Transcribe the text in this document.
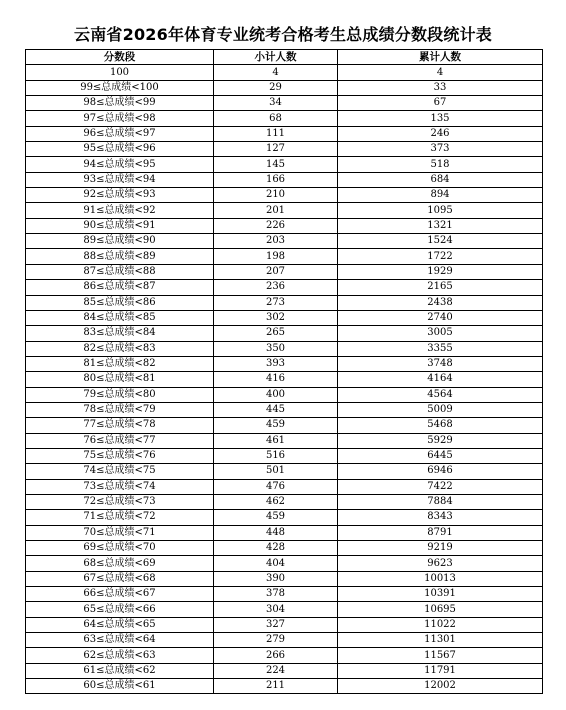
云南省2026年体育专业统考合格考生总成绩分数段统计表
分数段	小计人数	累计人数
100	4	4
99≤总成绩<100	29	33
98≤总成绩<99	34	67
97≤总成绩<98	68	135
96≤总成绩<97	111	246
95≤总成绩<96	127	373
94≤总成绩<95	145	518
93≤总成绩<94	166	684
92≤总成绩<93	210	894
91≤总成绩<92	201	1095
90≤总成绩<91	226	1321
89≤总成绩<90	203	1524
88≤总成绩<89	198	1722
87≤总成绩<88	207	1929
86≤总成绩<87	236	2165
85≤总成绩<86	273	2438
84≤总成绩<85	302	2740
83≤总成绩<84	265	3005
82≤总成绩<83	350	3355
81≤总成绩<82	393	3748
80≤总成绩<81	416	4164
79≤总成绩<80	400	4564
78≤总成绩<79	445	5009
77≤总成绩<78	459	5468
76≤总成绩<77	461	5929
75≤总成绩<76	516	6445
74≤总成绩<75	501	6946
73≤总成绩<74	476	7422
72≤总成绩<73	462	7884
71≤总成绩<72	459	8343
70≤总成绩<71	448	8791
69≤总成绩<70	428	9219
68≤总成绩<69	404	9623
67≤总成绩<68	390	10013
66≤总成绩<67	378	10391
65≤总成绩<66	304	10695
64≤总成绩<65	327	11022
63≤总成绩<64	279	11301
62≤总成绩<63	266	11567
61≤总成绩<62	224	11791
60≤总成绩<61	211	12002
